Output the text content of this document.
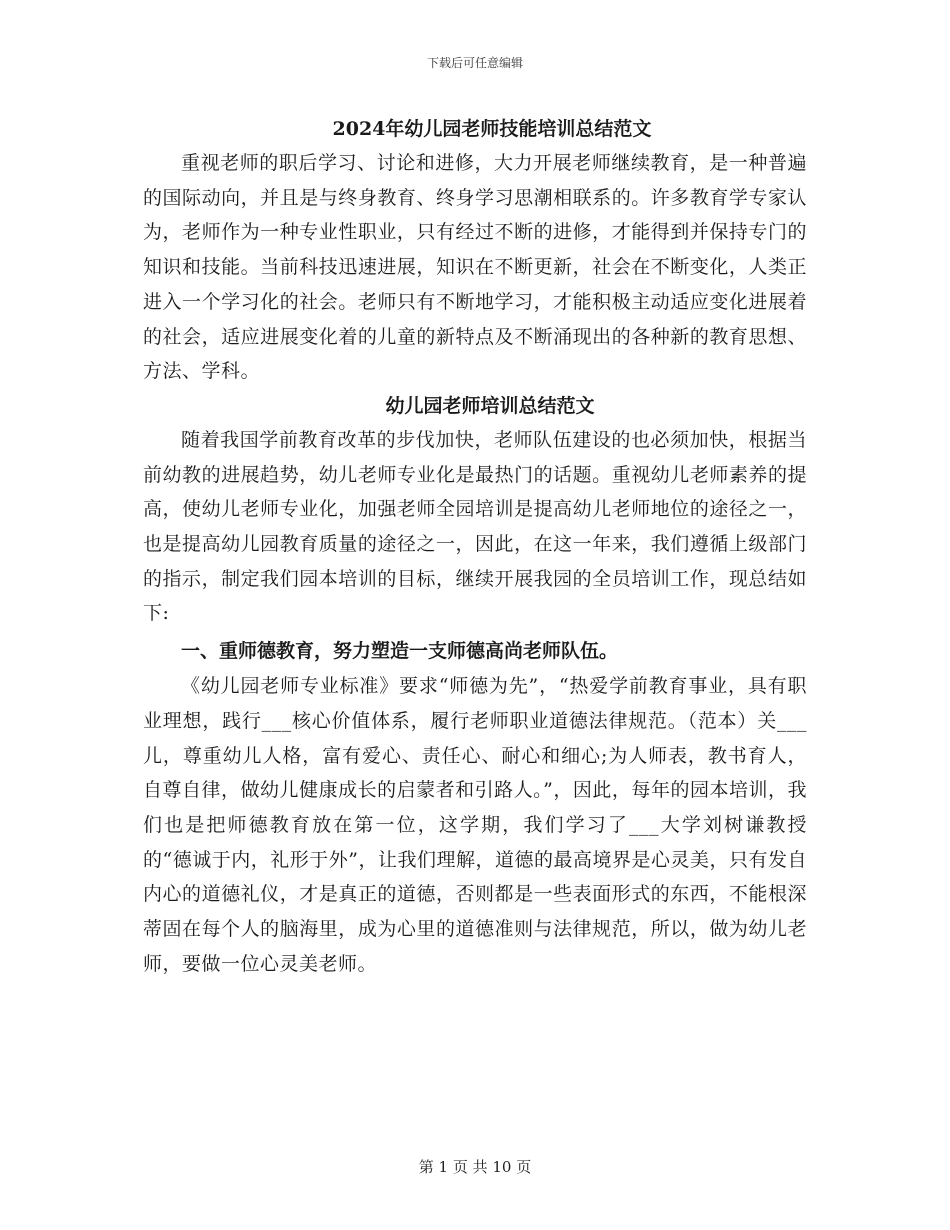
下载后可任意编辑
2024年幼儿园老师技能培训总结范文

重视老师的职后学习、讨论和进修，大力开展老师继续教育，是一种普遍的国际动向，并且是与终身教育、终身学习思潮相联系的。许多教育学专家认为，老师作为一种专业性职业，只有经过不断的进修，才能得到并保持专门的知识和技能。当前科技迅速进展，知识在不断更新，社会在不断变化，人类正进入一个学习化的社会。老师只有不断地学习，才能积极主动适应变化进展着的社会，适应进展变化着的儿童的新特点及不断涌现出的各种新的教育思想、方法、学科。

幼儿园老师培训总结范文

随着我国学前教育改革的步伐加快，老师队伍建设的也必须加快，根据当前幼教的进展趋势，幼儿老师专业化是最热门的话题。重视幼儿老师素养的提高，使幼儿老师专业化，加强老师全园培训是提高幼儿老师地位的途径之一，也是提高幼儿园教育质量的途径之一，因此，在这一年来，我们遵循上级部门的指示，制定我们园本培训的目标，继续开展我园的全员培训工作，现总结如下:

一、重师德教育，努力塑造一支师德高尚老师队伍。

《幼儿园老师专业标准》要求“师德为先”，“热爱学前教育事业，具有职业理想，践行___核心价值体系，履行老师职业道德法律规范。（范本）关___儿，尊重幼儿人格，富有爱心、责任心、耐心和细心;为人师表，教书育人，自尊自律，做幼儿健康成长的启蒙者和引路人。”，因此，每年的园本培训，我们也是把师德教育放在第一位，这学期，我们学习了___大学刘树谦教授的“德诚于内，礼形于外”，让我们理解，道德的最高境界是心灵美，只有发自内心的道德礼仪，才是真正的道德，否则都是一些表面形式的东西，不能根深蒂固在每个人的脑海里，成为心里的道德准则与法律规范，所以，做为幼儿老师，要做一位心灵美老师。

第 1 页 共 10 页
